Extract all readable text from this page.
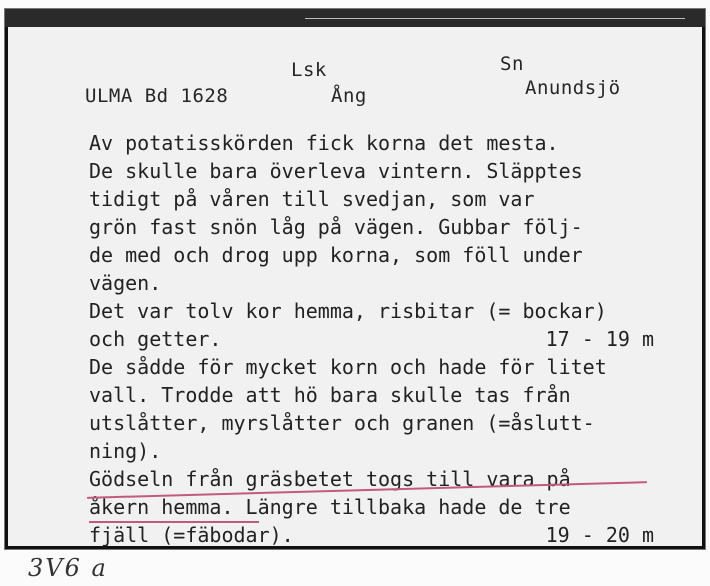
Lsk	Sn
ULMA Bd 1628	Ång	Anundsjö
Av potatisskörden fick korna det mesta.
De skulle bara överleva vintern. Släpptes
tidigt på våren till svedjan, som var
grön fast snön låg på vägen. Gubbar följ-
de med och drog upp korna, som föll under
vägen.
Det var tolv kor hemma, risbitar (= bockar)
och getter.	17 - 19 m
De sådde för mycket korn och hade för litet
vall. Trodde att hö bara skulle tas från
utslåtter, myrslåtter och granen (=åslutt-
ning).
Gödseln från gräsbetet togs till vara på
åkern hemma. Längre tillbaka hade de tre
fjäll (=fäbodar).	19 - 20 m
3V6 a
